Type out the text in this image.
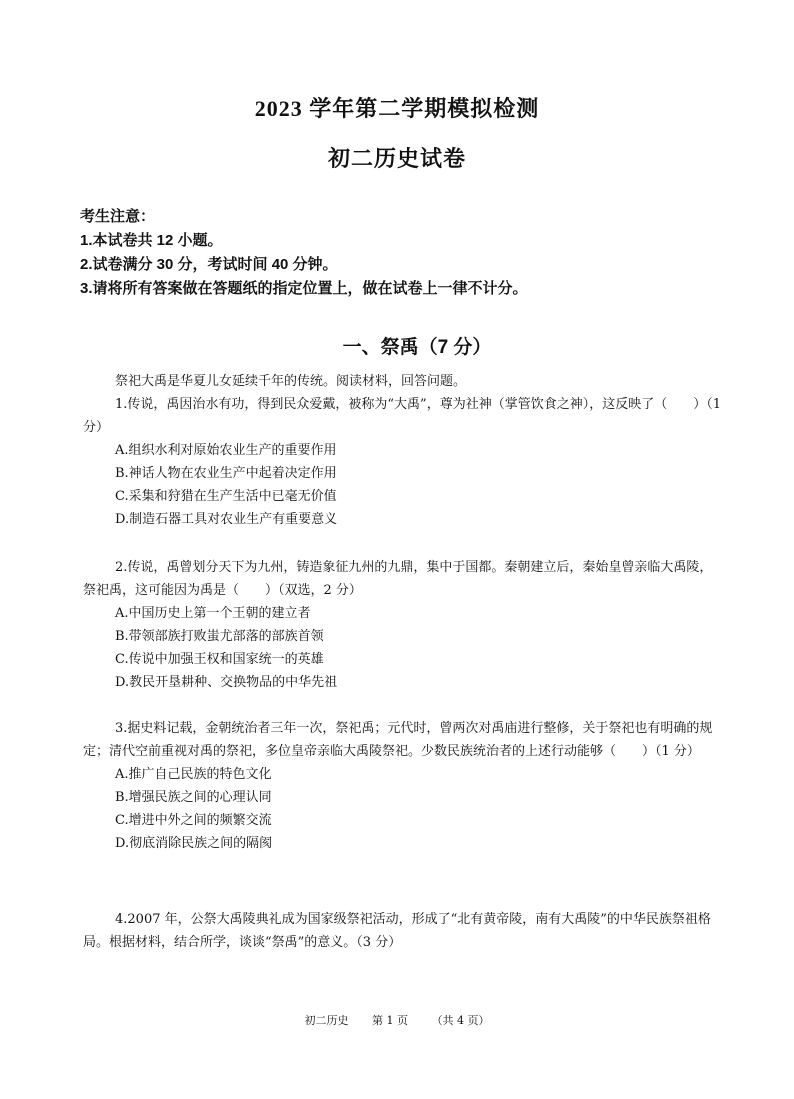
2023 学年第二学期模拟检测
初二历史试卷
考生注意：
1.本试卷共 12 小题。
2.试卷满分 30 分，考试时间 40 分钟。
3.请将所有答案做在答题纸的指定位置上，做在试卷上一律不计分。
一、祭禹（7 分）
祭祀大禹是华夏儿女延续千年的传统。阅读材料，回答问题。
1.传说，禹因治水有功，得到民众爱戴，被称为“大禹”，尊为社神（掌管饮食之神），这反映了（　　）（1 分）
A.组织水利对原始农业生产的重要作用
B.神话人物在农业生产中起着决定作用
C.采集和狩猎在生产生活中已毫无价值
D.制造石器工具对农业生产有重要意义
2.传说，禹曾划分天下为九州，铸造象征九州的九鼎，集中于国都。秦朝建立后，秦始皇曾亲临大禹陵，祭祀禹，这可能因为禹是（　　）（双选，2 分）
A.中国历史上第一个王朝的建立者
B.带领部族打败蚩尤部落的部族首领
C.传说中加强王权和国家统一的英雄
D.教民开垦耕种、交换物品的中华先祖
3.据史料记载，金朝统治者三年一次，祭祀禹；元代时，曾两次对禹庙进行整修，关于祭祀也有明确的规定；清代空前重视对禹的祭祀，多位皇帝亲临大禹陵祭祀。少数民族统治者的上述行动能够（　　）（1 分）
A.推广自己民族的特色文化
B.增强民族之间的心理认同
C.增进中外之间的频繁交流
D.彻底消除民族之间的隔阂
4.2007 年，公祭大禹陵典礼成为国家级祭祀活动，形成了“北有黄帝陵，南有大禹陵”的中华民族祭祖格局。根据材料，结合所学，谈谈“祭禹”的意义。（3 分）
初二历史 第 1 页 （共 4 页）
